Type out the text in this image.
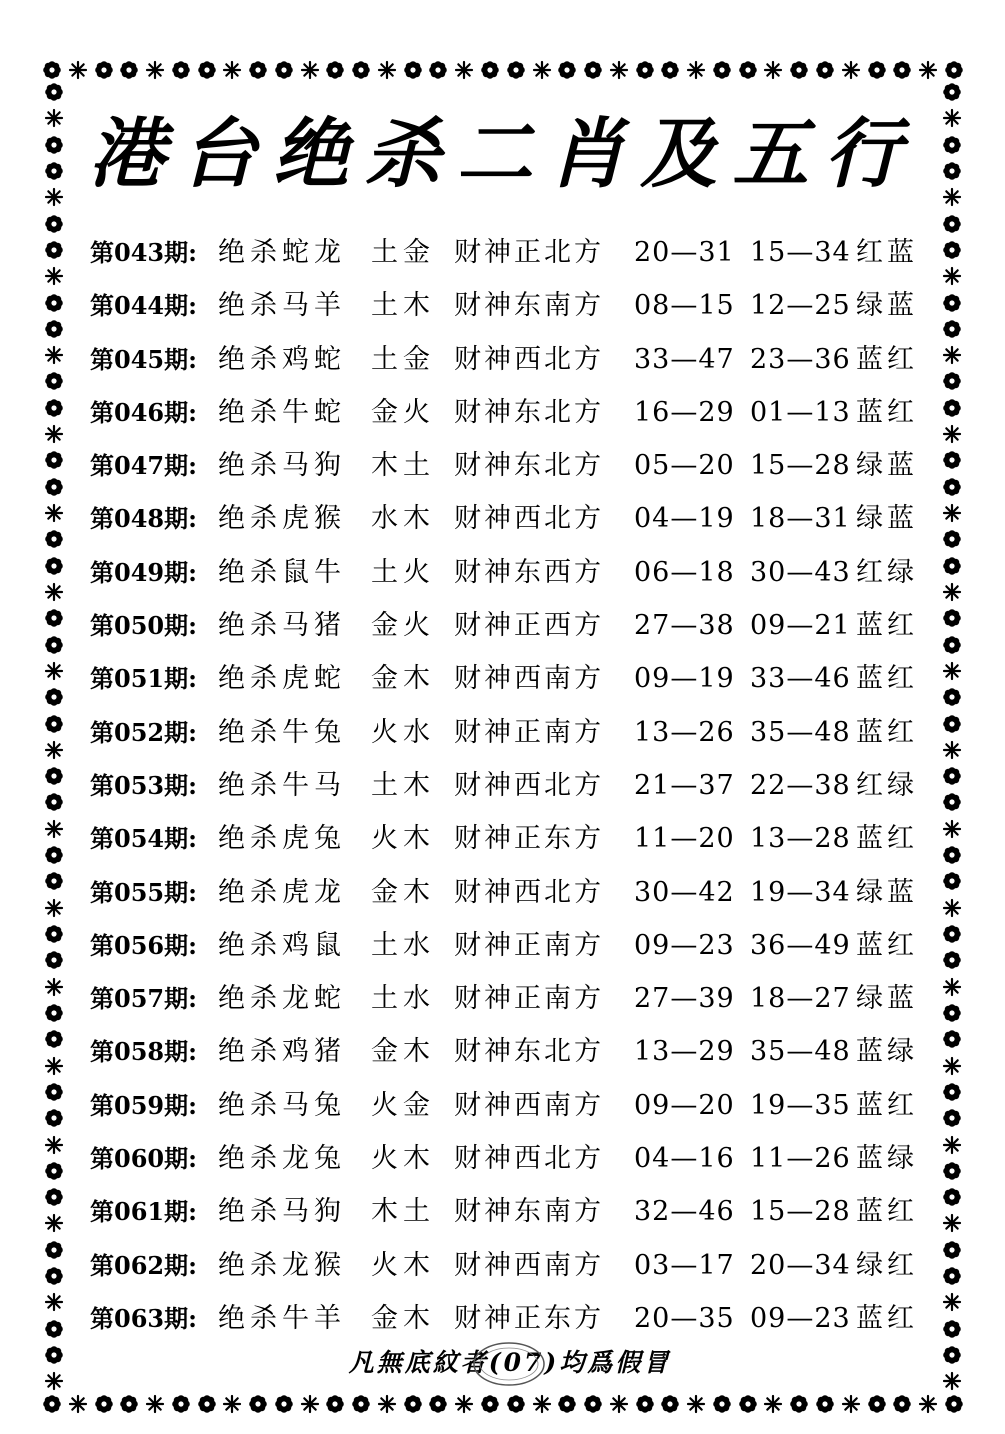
港台绝杀二肖及五行
第043期: 绝杀蛇龙 土金 财神正北方 20—31 15—34 红蓝
第044期: 绝杀马羊 土木 财神东南方 08—15 12—25 绿蓝
第045期: 绝杀鸡蛇 土金 财神西北方 33—47 23—36 蓝红
第046期: 绝杀牛蛇 金火 财神东北方 16—29 01—13 蓝红
第047期: 绝杀马狗 木土 财神东北方 05—20 15—28 绿蓝
第048期: 绝杀虎猴 水木 财神西北方 04—19 18—31 绿蓝
第049期: 绝杀鼠牛 土火 财神东西方 06—18 30—43 红绿
第050期: 绝杀马猪 金火 财神正西方 27—38 09—21 蓝红
第051期: 绝杀虎蛇 金木 财神西南方 09—19 33—46 蓝红
第052期: 绝杀牛兔 火水 财神正南方 13—26 35—48 蓝红
第053期: 绝杀牛马 土木 财神西北方 21—37 22—38 红绿
第054期: 绝杀虎兔 火木 财神正东方 11—20 13—28 蓝红
第055期: 绝杀虎龙 金木 财神西北方 30—42 19—34 绿蓝
第056期: 绝杀鸡鼠 土水 财神正南方 09—23 36—49 蓝红
第057期: 绝杀龙蛇 土水 财神正南方 27—39 18—27 绿蓝
第058期: 绝杀鸡猪 金木 财神东北方 13—29 35—48 蓝绿
第059期: 绝杀马兔 火金 财神西南方 09—20 19—35 蓝红
第060期: 绝杀龙兔 火木 财神西北方 04—16 11—26 蓝绿
第061期: 绝杀马狗 木土 财神东南方 32—46 15—28 蓝红
第062期: 绝杀龙猴 火木 财神西南方 03—17 20—34 绿红
第063期: 绝杀牛羊 金木 财神正东方 20—35 09—23 蓝红
凡無底紋者(07)均爲假冒
